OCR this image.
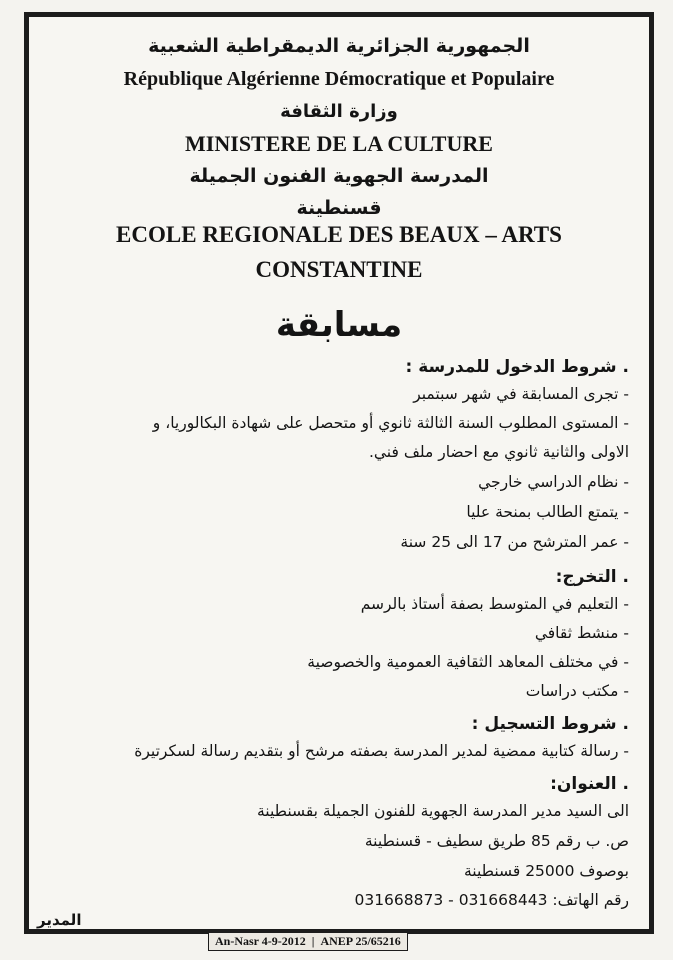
الجمهورية الجزائرية الديمقراطية الشعبية
République Algérienne Démocratique et Populaire
وزارة الثقافة
MINISTERE DE LA CULTURE
المدرسة الجهوية الفنون الجميلة
قسنطينة
ECOLE REGIONALE DES BEAUX – ARTS
CONSTANTINE
مسابقة
. شروط الدخول للمدرسة :
- تجرى المسابقة في شهر سبتمبر
- المستوى المطلوب السنة الثالثة ثانوي أو متحصل على شهادة البكالوريا، و
الاولى والثانية ثانوي مع احضار ملف فني.
- نظام الدراسي خارجي
- يتمتع الطالب بمنحة عليا
- عمر المترشح من 17 الى 25 سنة
. التخرج:
- التعليم في المتوسط بصفة أستاذ بالرسم
- منشط ثقافي
- في مختلف المعاهد الثقافية العمومية والخصوصية
- مكتب دراسات
. شروط التسجيل :
- رسالة كتابية ممضية لمدير المدرسة بصفته مرشح أو بتقديم رسالة لسكرتيرة
. العنوان:
الى السيد مدير المدرسة الجهوية للفنون الجميلة بقسنطينة
ص. ب رقم 85 طريق سطيف - قسنطينة
بوصوف 25000 قسنطينة
رقم الهاتف: 031668443 - 031668873
المدير
An-Nasr 4-9-2012 | ANEP 25/65216
